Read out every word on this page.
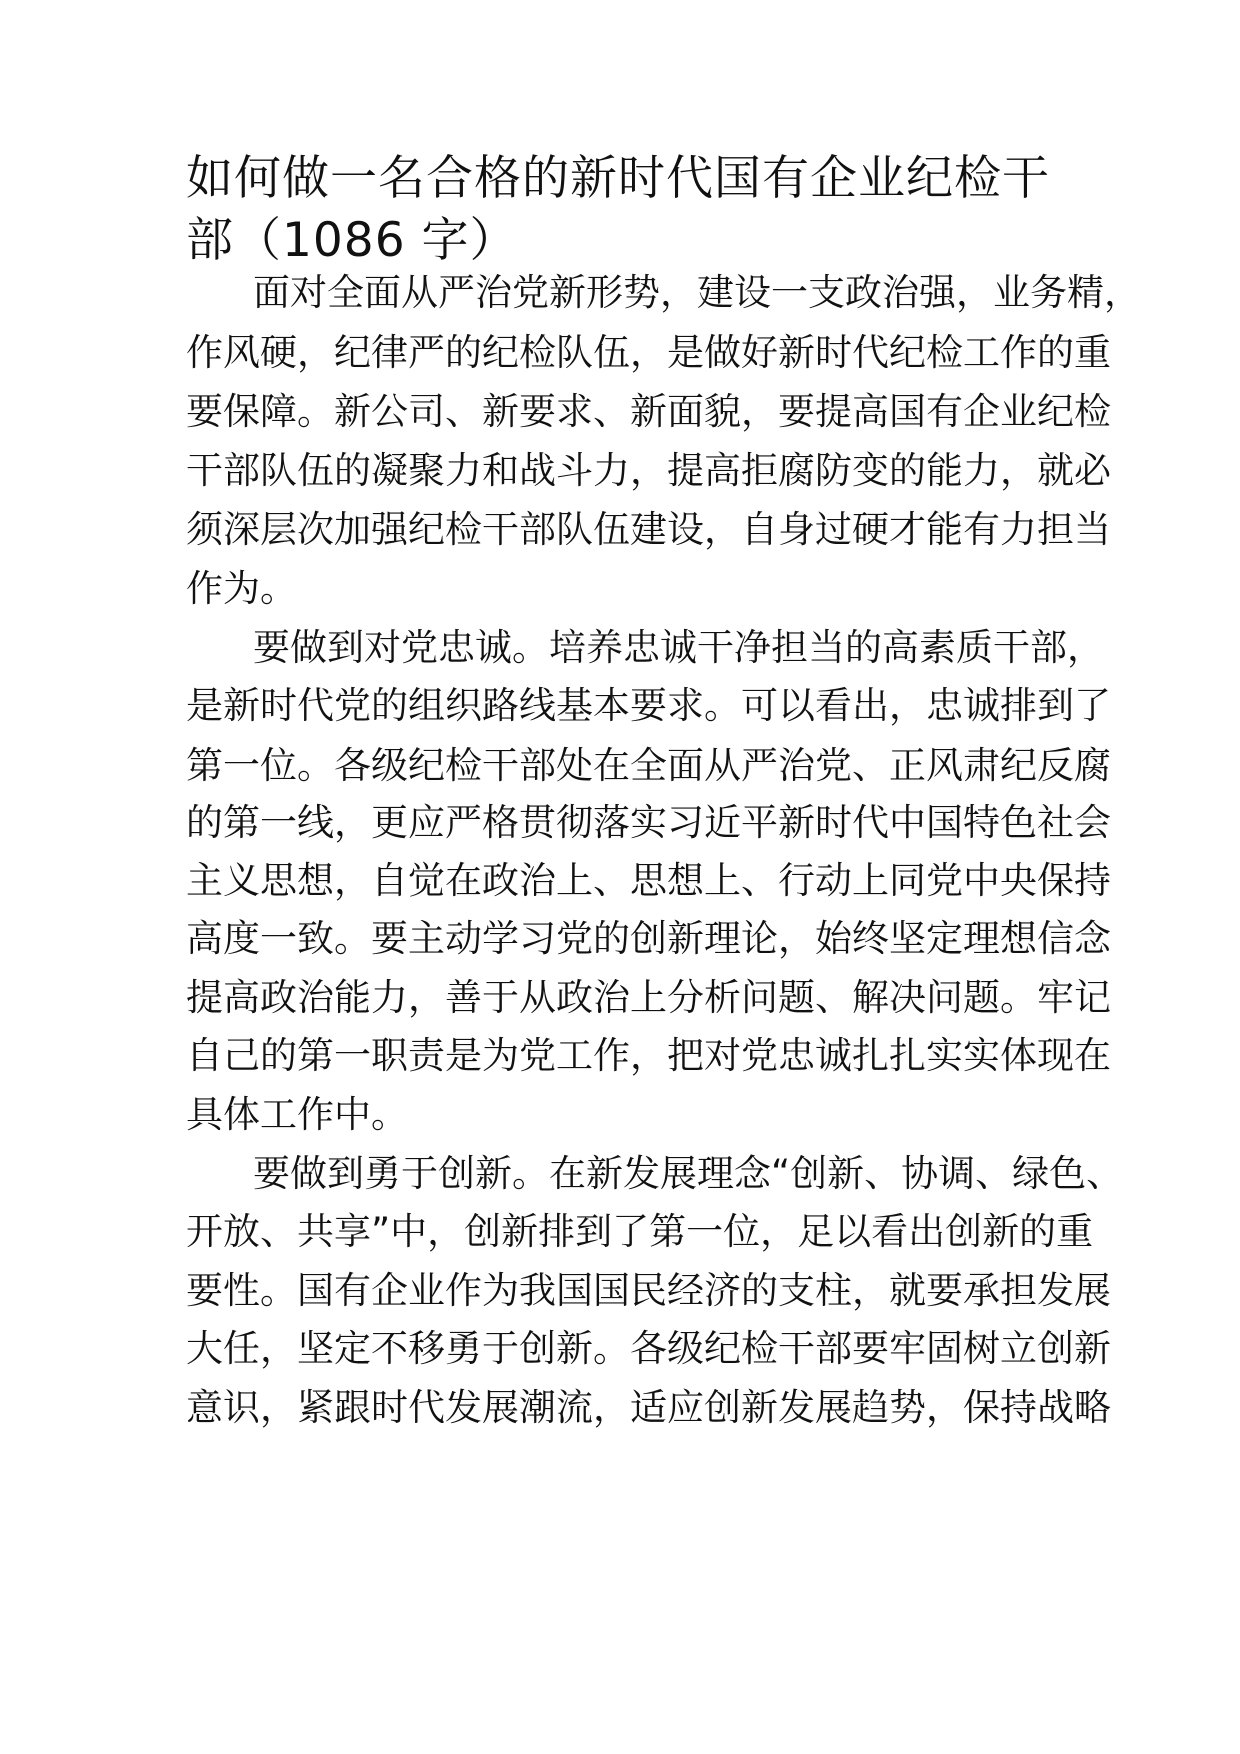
如何做一名合格的新时代国有企业纪检干
部（1086 字）

面对全面从严治党新形势，建设一支政治强，业务精，

作风硬，纪律严的纪检队伍，是做好新时代纪检工作的重

要保障。新公司、新要求、新面貌，要提高国有企业纪检

干部队伍的凝聚力和战斗力，提高拒腐防变的能力，就必

须深层次加强纪检干部队伍建设，自身过硬才能有力担当

作为。

要做到对党忠诚。培养忠诚干净担当的高素质干部，

是新时代党的组织路线基本要求。可以看出，忠诚排到了

第一位。各级纪检干部处在全面从严治党、正风肃纪反腐

的第一线，更应严格贯彻落实习近平新时代中国特色社会

主义思想，自觉在政治上、思想上、行动上同党中央保持

高度一致。要主动学习党的创新理论，始终坚定理想信念

提高政治能力，善于从政治上分析问题、解决问题。牢记

自己的第一职责是为党工作，把对党忠诚扎扎实实体现在

具体工作中。

要做到勇于创新。在新发展理念“创新、协调、绿色、

开放、共享”中，创新排到了第一位，足以看出创新的重

要性。国有企业作为我国国民经济的支柱，就要承担发展

大任，坚定不移勇于创新。各级纪检干部要牢固树立创新

意识，紧跟时代发展潮流，适应创新发展趋势，保持战略
